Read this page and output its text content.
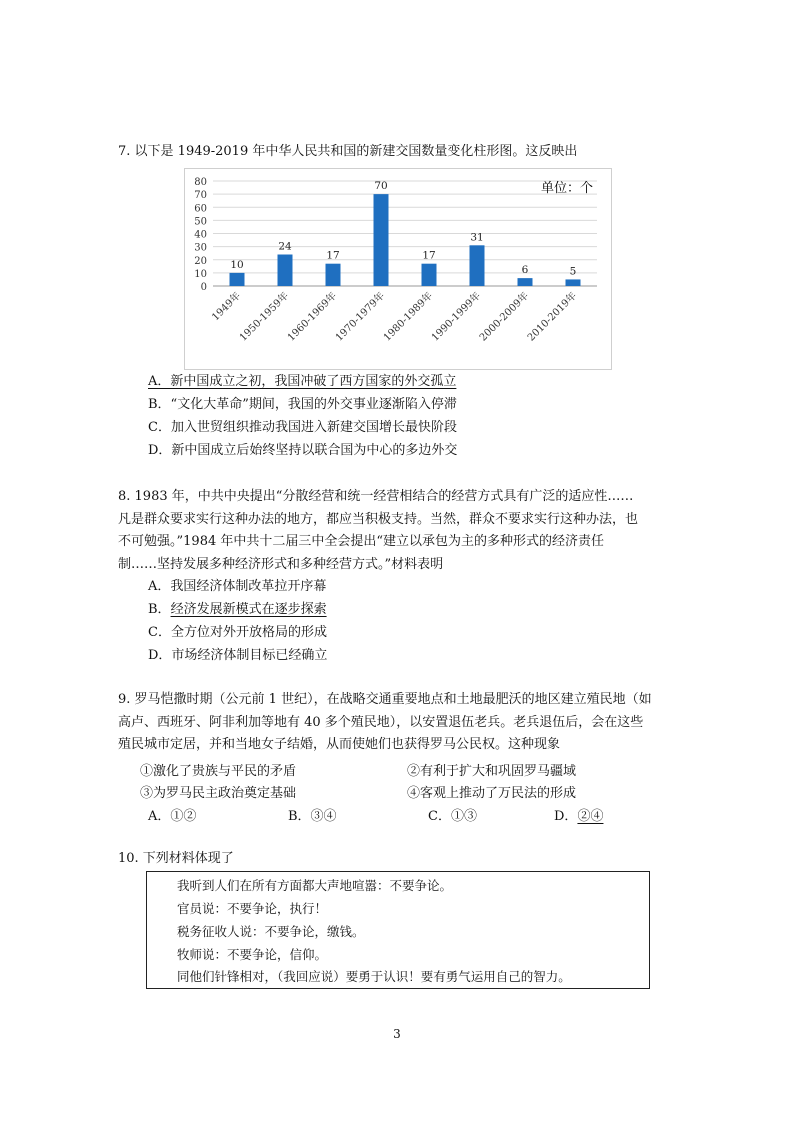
7. 以下是 1949-2019 年中华人民共和国的新建交国数量变化柱形图。这反映出
0
10
20
30
40
50
60
70
80
10
24
17
70
17
31
6	5
1949年
1950-1959年
1960-1969年
1970-1979年
1980-1989年
1990-1999年
2000-2009年
2010-2019年
单位：个
A．新中国成立之初，我国冲破了西方国家的外交孤立
B．“文化大革命”期间，我国的外交事业逐渐陷入停滞
C．加入世贸组织推动我国进入新建交国增长最快阶段
D．新中国成立后始终坚持以联合国为中心的多边外交
8. 1983 年，中共中央提出“分散经营和统一经营相结合的经营方式具有广泛的适应性……
凡是群众要求实行这种办法的地方，都应当积极支持。当然，群众不要求实行这种办法，也
不可勉强。”1984 年中共十二届三中全会提出“建立以承包为主的多种形式的经济责任
制……坚持发展多种经济形式和多种经营方式。”材料表明
A．我国经济体制改革拉开序幕
B．经济发展新模式在逐步探索
C．全方位对外开放格局的形成
D．市场经济体制目标已经确立
9. 罗马恺撒时期（公元前 1 世纪），在战略交通重要地点和土地最肥沃的地区建立殖民地（如
高卢、西班牙、阿非利加等地有 40 多个殖民地），以安置退伍老兵。老兵退伍后，会在这些
殖民城市定居，并和当地女子结婚，从而使她们也获得罗马公民权。这种现象
①激化了贵族与平民的矛盾	②有利于扩大和巩固罗马疆域
③为罗马民主政治奠定基础	④客观上推动了万民法的形成
A．①②	B．③④	C．①③	D．②④
10. 下列材料体现了
我听到人们在所有方面都大声地喧嚣：不要争论。
官员说：不要争论，执行！
税务征收人说：不要争论，缴钱。
牧师说：不要争论，信仰。
同他们针锋相对，（我回应说）要勇于认识！要有勇气运用自己的智力。
3
